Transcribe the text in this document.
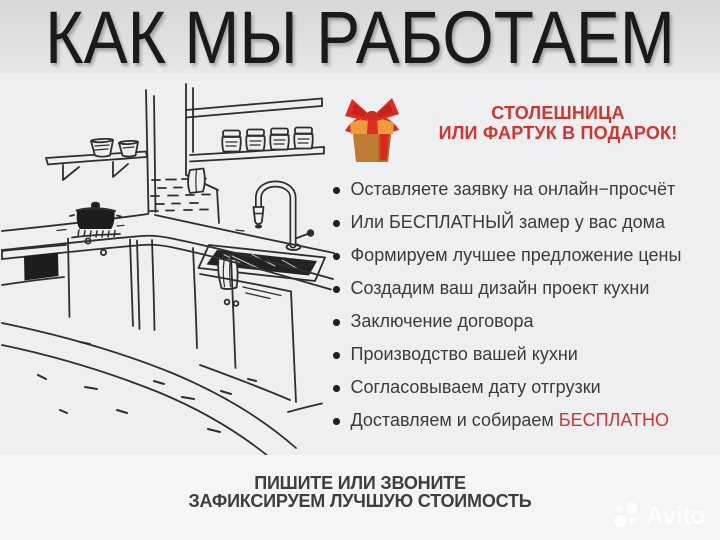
КАК МЫ РАБОТАЕМ
СТОЛЕШНИЦА
ИЛИ ФАРТУК В ПОДАРОК!
Оставляете заявку на онлайн−просчёт
Или БЕСПЛАТНЫЙ замер у вас дома
Формируем лучшее предложение цены
Создадим ваш дизайн проект кухни
Заключение договора
Производство вашей кухни
Согласовываем дату отгрузки
Доставляем и собираем БЕСПЛАТНО
ПИШИТЕ ИЛИ ЗВОНИТЕ
ЗАФИКСИРУЕМ ЛУЧШУЮ СТОИМОСТЬ
Avito
